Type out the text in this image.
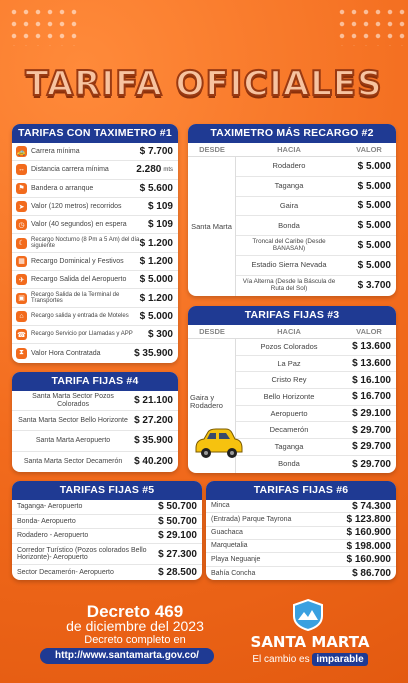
TARIFA OFICIALES
TARIFAS CON TAXIMETRO #1
🚕 Carrera mínima	$ 7.700
↔ Distancia carrera mínima	2.280 mts
⚑ Bandera o arranque	$ 5.600
➤ Valor (120 metros) recorridos	$ 109
◷ Valor (40 segundos) en espera	$ 109
☾
Recargo Nocturno (8 Pm a 5 Am) del día siguiente	$ 1.200
▦ Recargo Dominical y Festivos	$ 1.200
✈ Recargo Salida del Aeropuerto	$ 5.000
▣
Recargo Salida de la Terminal de Transportes	$ 1.200
⌂	Recargo salida y entrada de Moteles	$ 5.000
☎ Recargo Servicio por Llamadas y APP	$ 300
⧗	Valor Hora Contratada	$ 35.900
TAXIMETRO MÁS RECARGO #2
DESDE	HACIA	VALOR
Santa Marta
Rodadero	$ 5.000
Taganga	$ 5.000
Gaira	$ 5.000
Bonda	$ 5.000
Troncal del Caribe (Desde BANASAN)	$ 5.000
Estadio Sierra Nevada	$ 5.000
Vía Alterna (Desde la Báscula de Ruta del Sol)	$ 3.700
TARIFAS FIJAS #3
DESDE	HACIA	VALOR
Gaira y Rodadero
Pozos Colorados	$ 13.600
La Paz	$ 13.600
Cristo Rey	$ 16.100
Bello Horizonte	$ 16.700
Aeropuerto	$ 29.100
Decamerón	$ 29.700
Taganga	$ 29.700
Bonda	$ 29.700
TARIFA FIJAS #4
Santa Marta Sector Pozos Colorados	$ 21.100
Santa Marta Sector Bello Horizonte $ 27.200
Santa Marta Aeropuerto	$ 35.900
Santa Marta Sector Decamerón	$ 40.200
TARIFAS FIJAS #5
Taganga- Aeropuerto	$ 50.700
Bonda- Aeropuerto	$ 50.700
Rodadero - Aeropuerto	$ 29.100
Corredor Turístico (Pozos colorados Bello Horizonte)- Aeropuerto	$ 27.300
Sector Decamerón- Aeropuerto	$ 28.500
TARIFAS FIJAS #6
Minca	$ 74.300
(Entrada) Parque Tayrona	$ 123.800
Guachaca	$ 160.900
Marquetalia	$ 198.000
Playa Neguanje	$ 160.900
Bahía Concha	$ 86.700
Decreto 469
de diciembre del 2023
Decreto completo en
http://www.santamarta.gov.co/
SANTA MARTA
El cambio es imparable
